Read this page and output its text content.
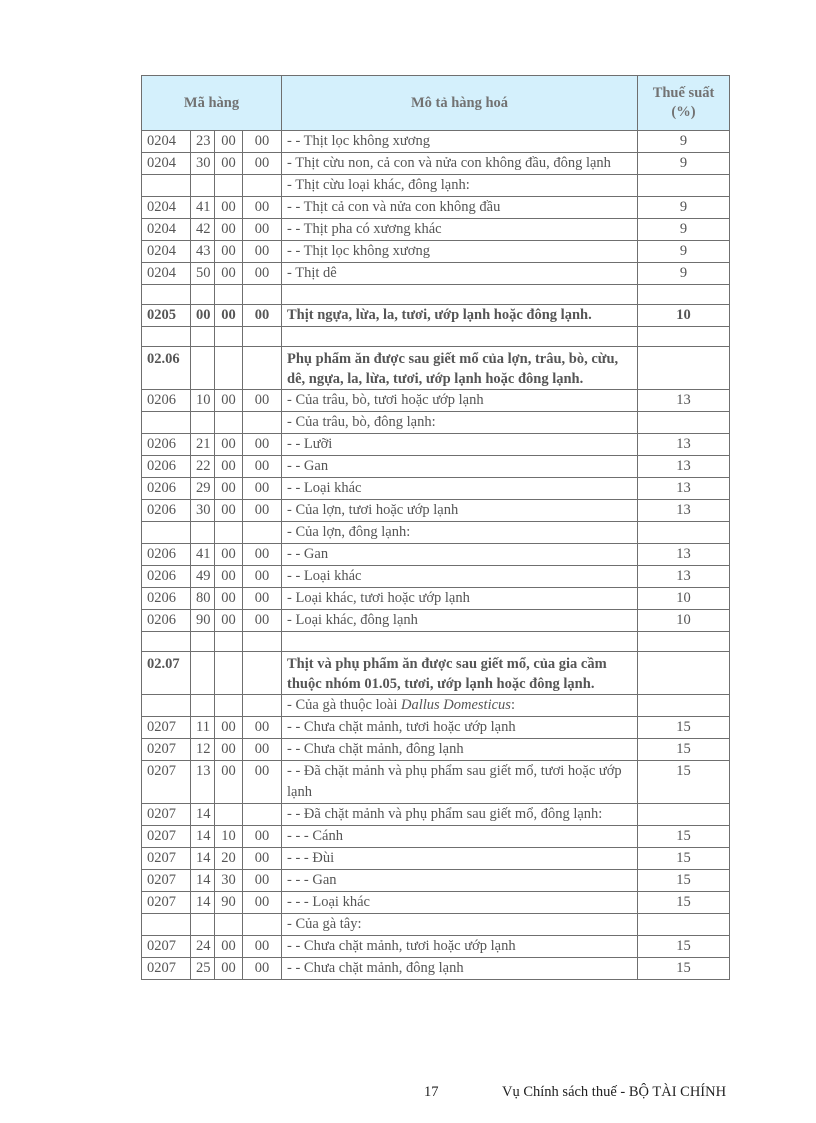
Mã hàng				Mô tả hàng hoá	Thuế suất (%)
0204	23	00	00	- - Thịt lọc không xương	9
0204	30	00	00	- Thịt cừu non, cả con và nửa con không đầu, đông lạnh	9
				- Thịt cừu loại khác, đông lạnh:	
0204	41	00	00	- - Thịt cả con và nửa con không đầu	9
0204	42	00	00	- - Thịt pha có xương khác	9
0204	43	00	00	- - Thịt lọc không xương	9
0204	50	00	00	- Thịt dê	9

0205	00	00	00	Thịt ngựa, lừa, la, tươi, ướp lạnh hoặc đông lạnh.	10

02.06				Phụ phẩm ăn được sau giết mổ của lợn, trâu, bò, cừu, dê, ngựa, la, lừa, tươi, ướp lạnh hoặc đông lạnh.	
0206	10	00	00	- Của trâu, bò, tươi hoặc ướp lạnh	13
				- Của trâu, bò, đông lạnh:	
0206	21	00	00	- - Lưỡi	13
0206	22	00	00	- - Gan	13
0206	29	00	00	- - Loại khác	13
0206	30	00	00	- Của lợn, tươi hoặc ướp lạnh	13
				- Của lợn, đông lạnh:	
0206	41	00	00	- - Gan	13
0206	49	00	00	- - Loại khác	13
0206	80	00	00	- Loại khác, tươi hoặc ướp lạnh	10
0206	90	00	00	- Loại khác, đông lạnh	10

02.07				Thịt và phụ phẩm ăn được sau giết mổ, của gia cầm thuộc nhóm 01.05, tươi, ướp lạnh hoặc đông lạnh.	
				- Của gà thuộc loài Dallus Domesticus:	
0207	11	00	00	- - Chưa chặt mảnh, tươi hoặc ướp lạnh	15
0207	12	00	00	- - Chưa chặt mảnh, đông lạnh	15
0207	13	00	00	- - Đã chặt mảnh và phụ phẩm sau giết mổ, tươi hoặc ướp lạnh	15
0207	14			- - Đã chặt mảnh và phụ phẩm sau giết mổ, đông lạnh:	
0207	14	10	00	- - - Cánh	15
0207	14	20	00	- - - Đùi	15
0207	14	30	00	- - - Gan	15
0207	14	90	00	- - - Loại khác	15
				- Của gà tây:	
0207	24	00	00	- - Chưa chặt mảnh, tươi hoặc ướp lạnh	15
0207	25	00	00	- - Chưa chặt mảnh, đông lạnh	15
17	Vụ Chính sách thuế - BỘ TÀI CHÍNH
